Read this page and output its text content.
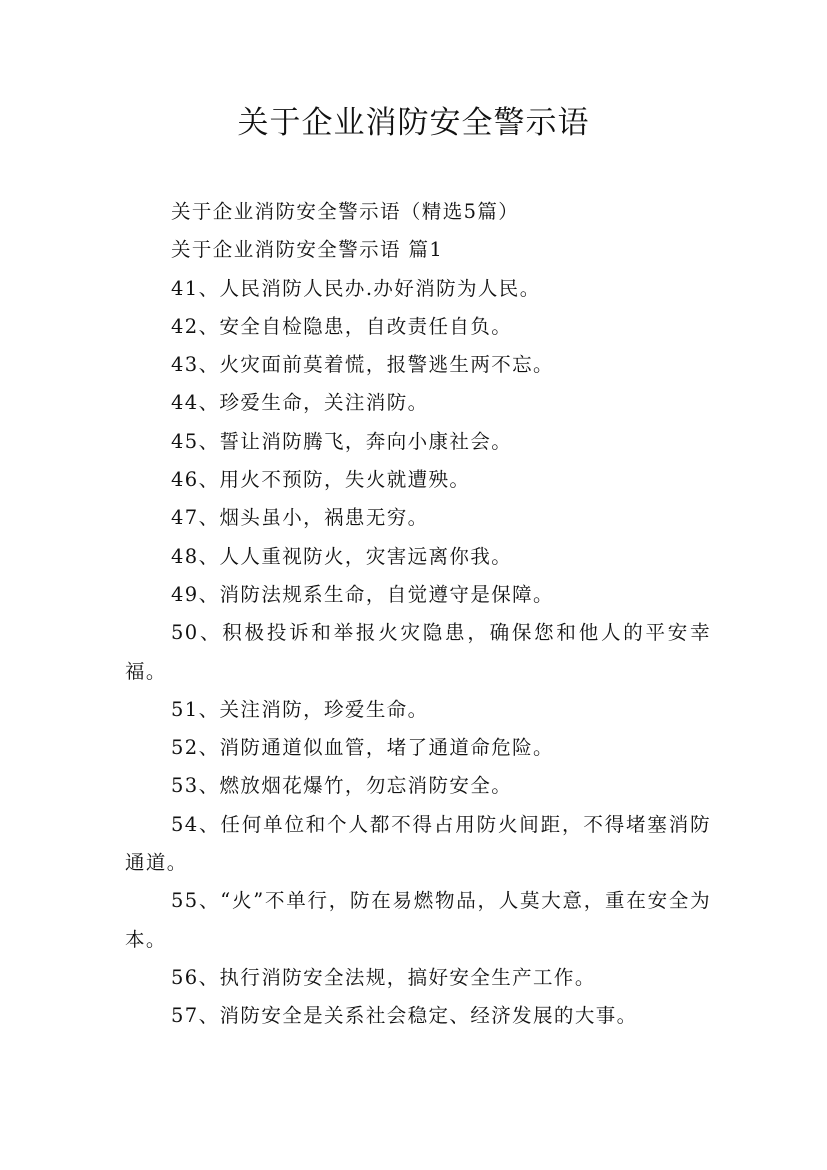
关于企业消防安全警示语

关于企业消防安全警示语（精选5篇）

关于企业消防安全警示语 篇1

41、人民消防人民办.办好消防为人民。

42、安全自检隐患，自改责任自负。

43、火灾面前莫着慌，报警逃生两不忘。

44、珍爱生命，关注消防。

45、誓让消防腾飞，奔向小康社会。

46、用火不预防，失火就遭殃。

47、烟头虽小，祸患无穷。

48、人人重视防火，灾害远离你我。

49、消防法规系生命，自觉遵守是保障。

50、积极投诉和举报火灾隐患，确保您和他人的平安幸福。

51、关注消防，珍爱生命。

52、消防通道似血管，堵了通道命危险。

53、燃放烟花爆竹，勿忘消防安全。

54、任何单位和个人都不得占用防火间距，不得堵塞消防通道。

55、“火”不单行，防在易燃物品，人莫大意，重在安全为本。

56、执行消防安全法规，搞好安全生产工作。

57、消防安全是关系社会稳定、经济发展的大事。
